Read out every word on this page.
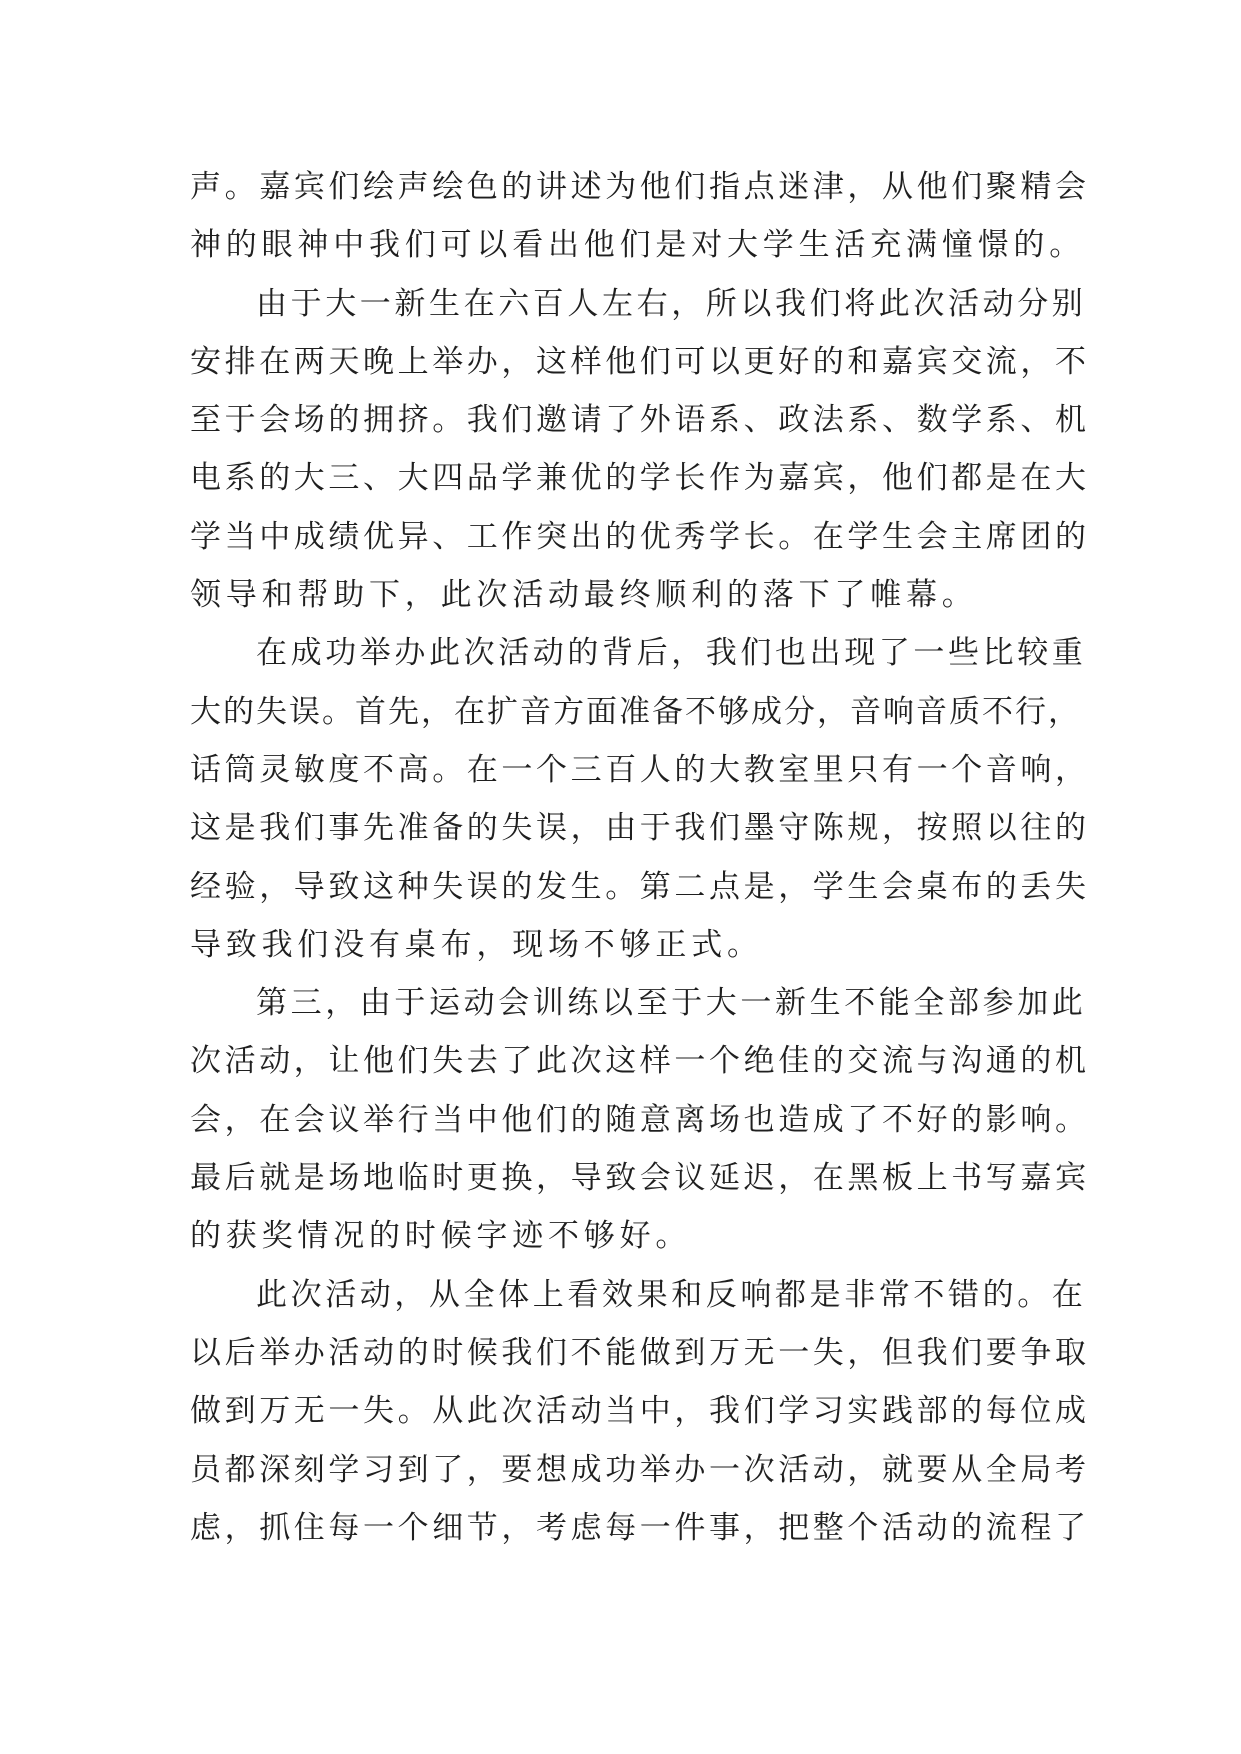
声。嘉宾们绘声绘色的讲述为他们指点迷津，从他们聚精会
神的眼神中我们可以看出他们是对大学生活充满憧憬的。
由于大一新生在六百人左右，所以我们将此次活动分别
安排在两天晚上举办，这样他们可以更好的和嘉宾交流，不
至于会场的拥挤。我们邀请了外语系、政法系、数学系、机
电系的大三、大四品学兼优的学长作为嘉宾，他们都是在大
学当中成绩优异、工作突出的优秀学长。在学生会主席团的
领导和帮助下，此次活动最终顺利的落下了帷幕。
在成功举办此次活动的背后，我们也出现了一些比较重
大的失误。首先，在扩音方面准备不够成分，音响音质不行，
话筒灵敏度不高。在一个三百人的大教室里只有一个音响，
这是我们事先准备的失误，由于我们墨守陈规，按照以往的
经验，导致这种失误的发生。第二点是，学生会桌布的丢失
导致我们没有桌布，现场不够正式。
第三，由于运动会训练以至于大一新生不能全部参加此
次活动，让他们失去了此次这样一个绝佳的交流与沟通的机
会，在会议举行当中他们的随意离场也造成了不好的影响。
最后就是场地临时更换，导致会议延迟，在黑板上书写嘉宾
的获奖情况的时候字迹不够好。
此次活动，从全体上看效果和反响都是非常不错的。在
以后举办活动的时候我们不能做到万无一失，但我们要争取
做到万无一失。从此次活动当中，我们学习实践部的每位成
员都深刻学习到了，要想成功举办一次活动，就要从全局考
虑，抓住每一个细节，考虑每一件事，把整个活动的流程了
